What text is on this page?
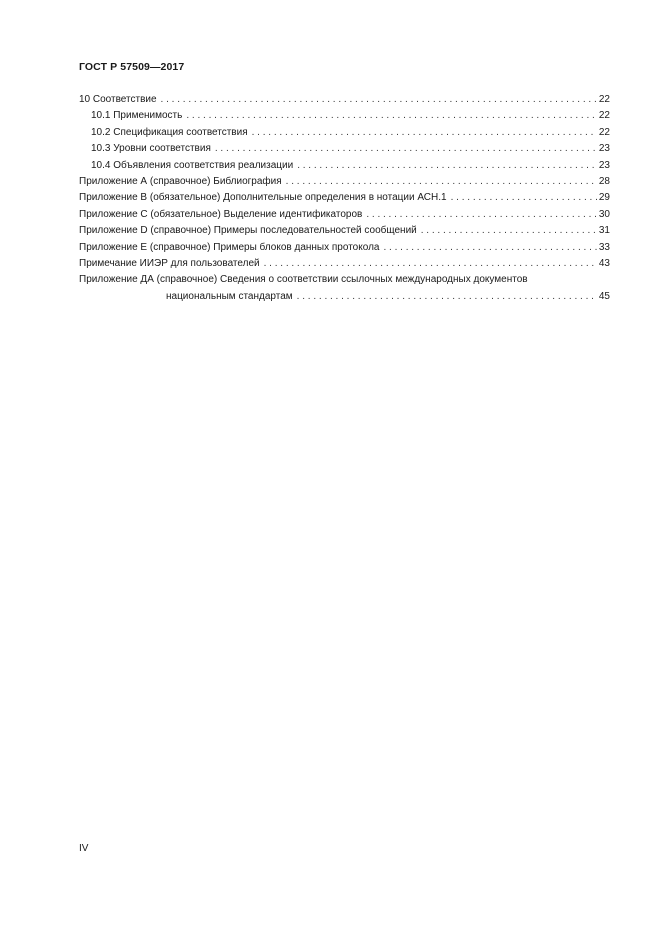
ГОСТ Р 57509—2017
10 Соответствие . . .	22
10.1 Применимость . . .	22
10.2 Спецификация соответствия . . .	22
10.3 Уровни соответствия . . .	23
10.4 Объявления соответствия реализации . . .	23
Приложение А (справочное) Библиография . . .	28
Приложение В (обязательное) Дополнительные определения в нотации АСН.1 . . .	29
Приложение С (обязательное) Выделение идентификаторов . . .	30
Приложение D (справочное) Примеры последовательностей сообщений . . .	31
Приложение Е (справочное) Примеры блоков данных протокола . . .	33
Примечание ИИЭР для пользователей . . .	43
Приложение ДА (справочное) Сведения о соответствии ссылочных международных документов
национальным стандартам . . .	45
IV
